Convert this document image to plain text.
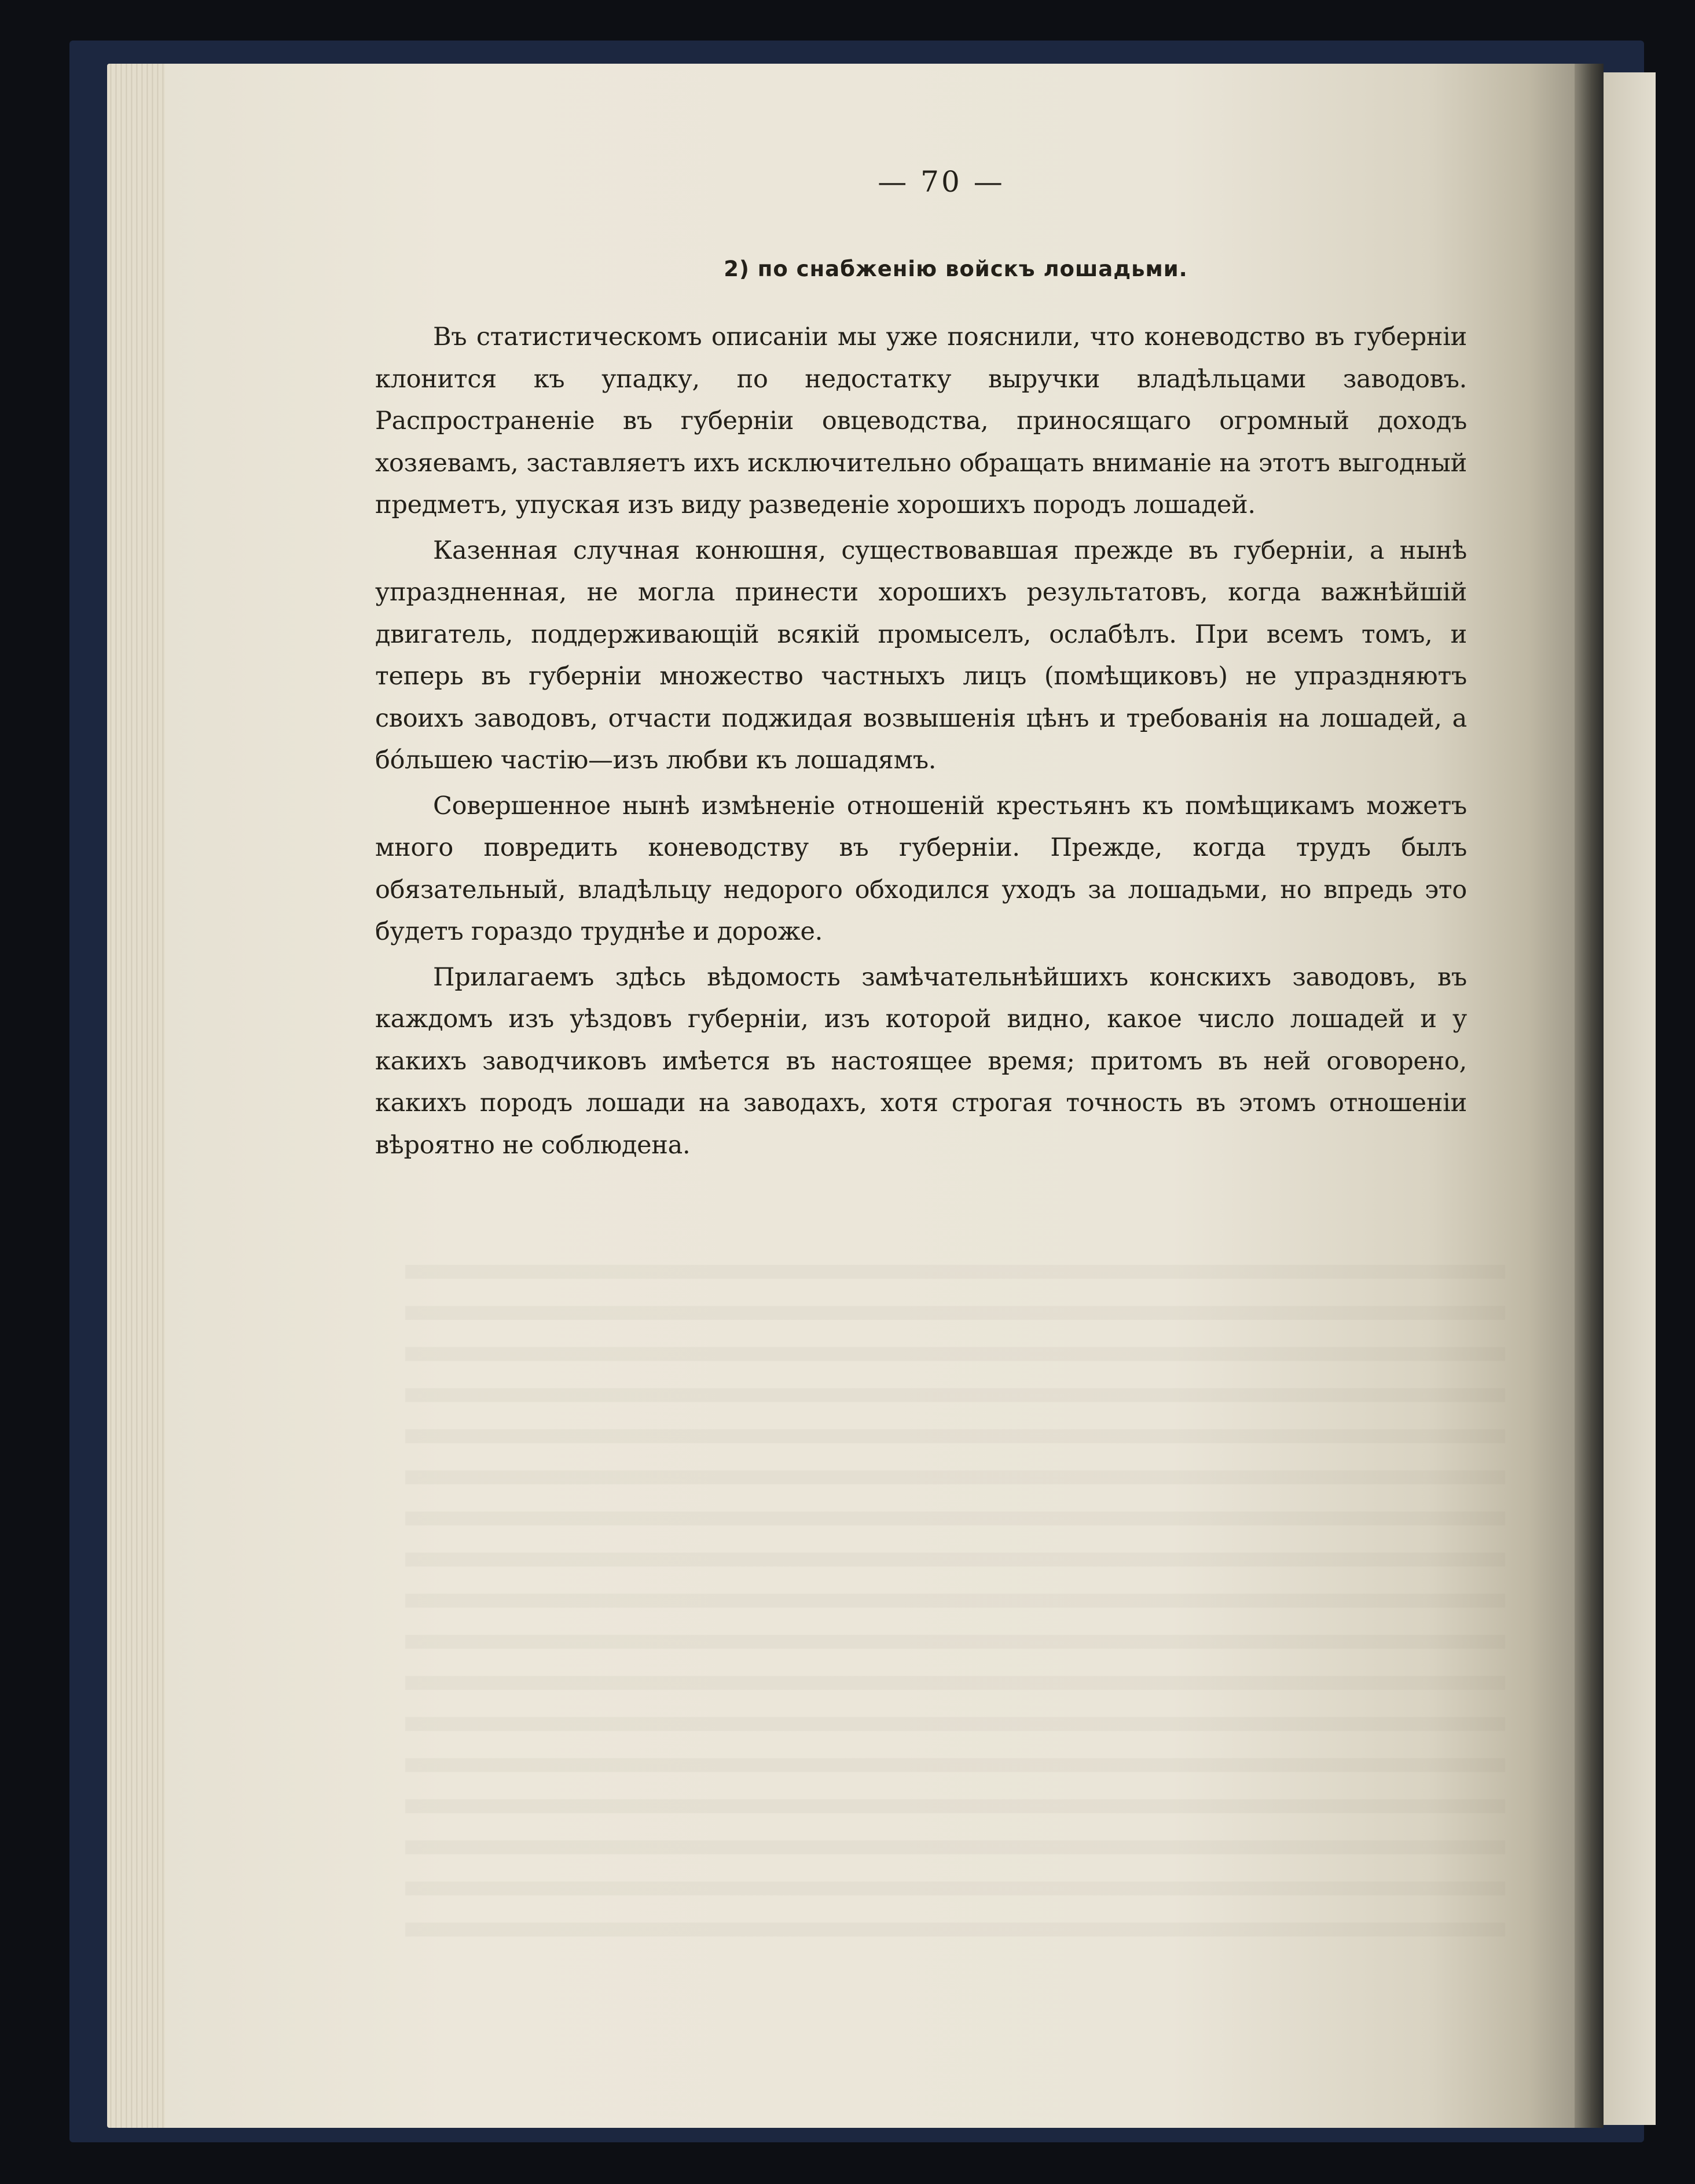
— 70 —
2) по снабженію войскъ лошадьми.

Въ статистическомъ описаніи мы уже пояснили, что коневодство въ губерніи клонится къ упадку, по недостатку выручки владѣльцами заводовъ. Распространеніе въ губерніи овцеводства, приносящаго огромный доходъ хозяевамъ, заставляетъ ихъ исключительно обращать вниманіе на этотъ выгодный предметъ, упуская изъ виду разведеніе хорошихъ породъ лошадей.

Казенная случная конюшня, существовавшая прежде въ губерніи, а нынѣ упраздненная, не могла принести хорошихъ результатовъ, когда важнѣйшій двигатель, поддерживающій всякій промыселъ, ослабѣлъ. При всемъ томъ, и теперь въ губерніи множество частныхъ лицъ (помѣщиковъ) не упраздняютъ своихъ заводовъ, отчасти поджидая возвышенія цѣнъ и требованія на лошадей, а бо́льшею частію—изъ любви къ лошадямъ.

Совершенное нынѣ измѣненіе отношеній крестьянъ къ помѣщикамъ можетъ много повредить коневодству въ губерніи. Прежде, когда трудъ былъ обязательный, владѣльцу недорого обходился уходъ за лошадьми, но впредь это будетъ гораздо труднѣе и дороже.

Прилагаемъ здѣсь вѣдомость замѣчательнѣйшихъ конскихъ заводовъ, въ каждомъ изъ уѣздовъ губерніи, изъ которой видно, какое число лошадей и у какихъ заводчиковъ имѣется въ настоящее время; притомъ въ ней оговорено, какихъ породъ лошади на заводахъ, хотя строгая точность въ этомъ отношеніи вѣроятно не соблюдена.
